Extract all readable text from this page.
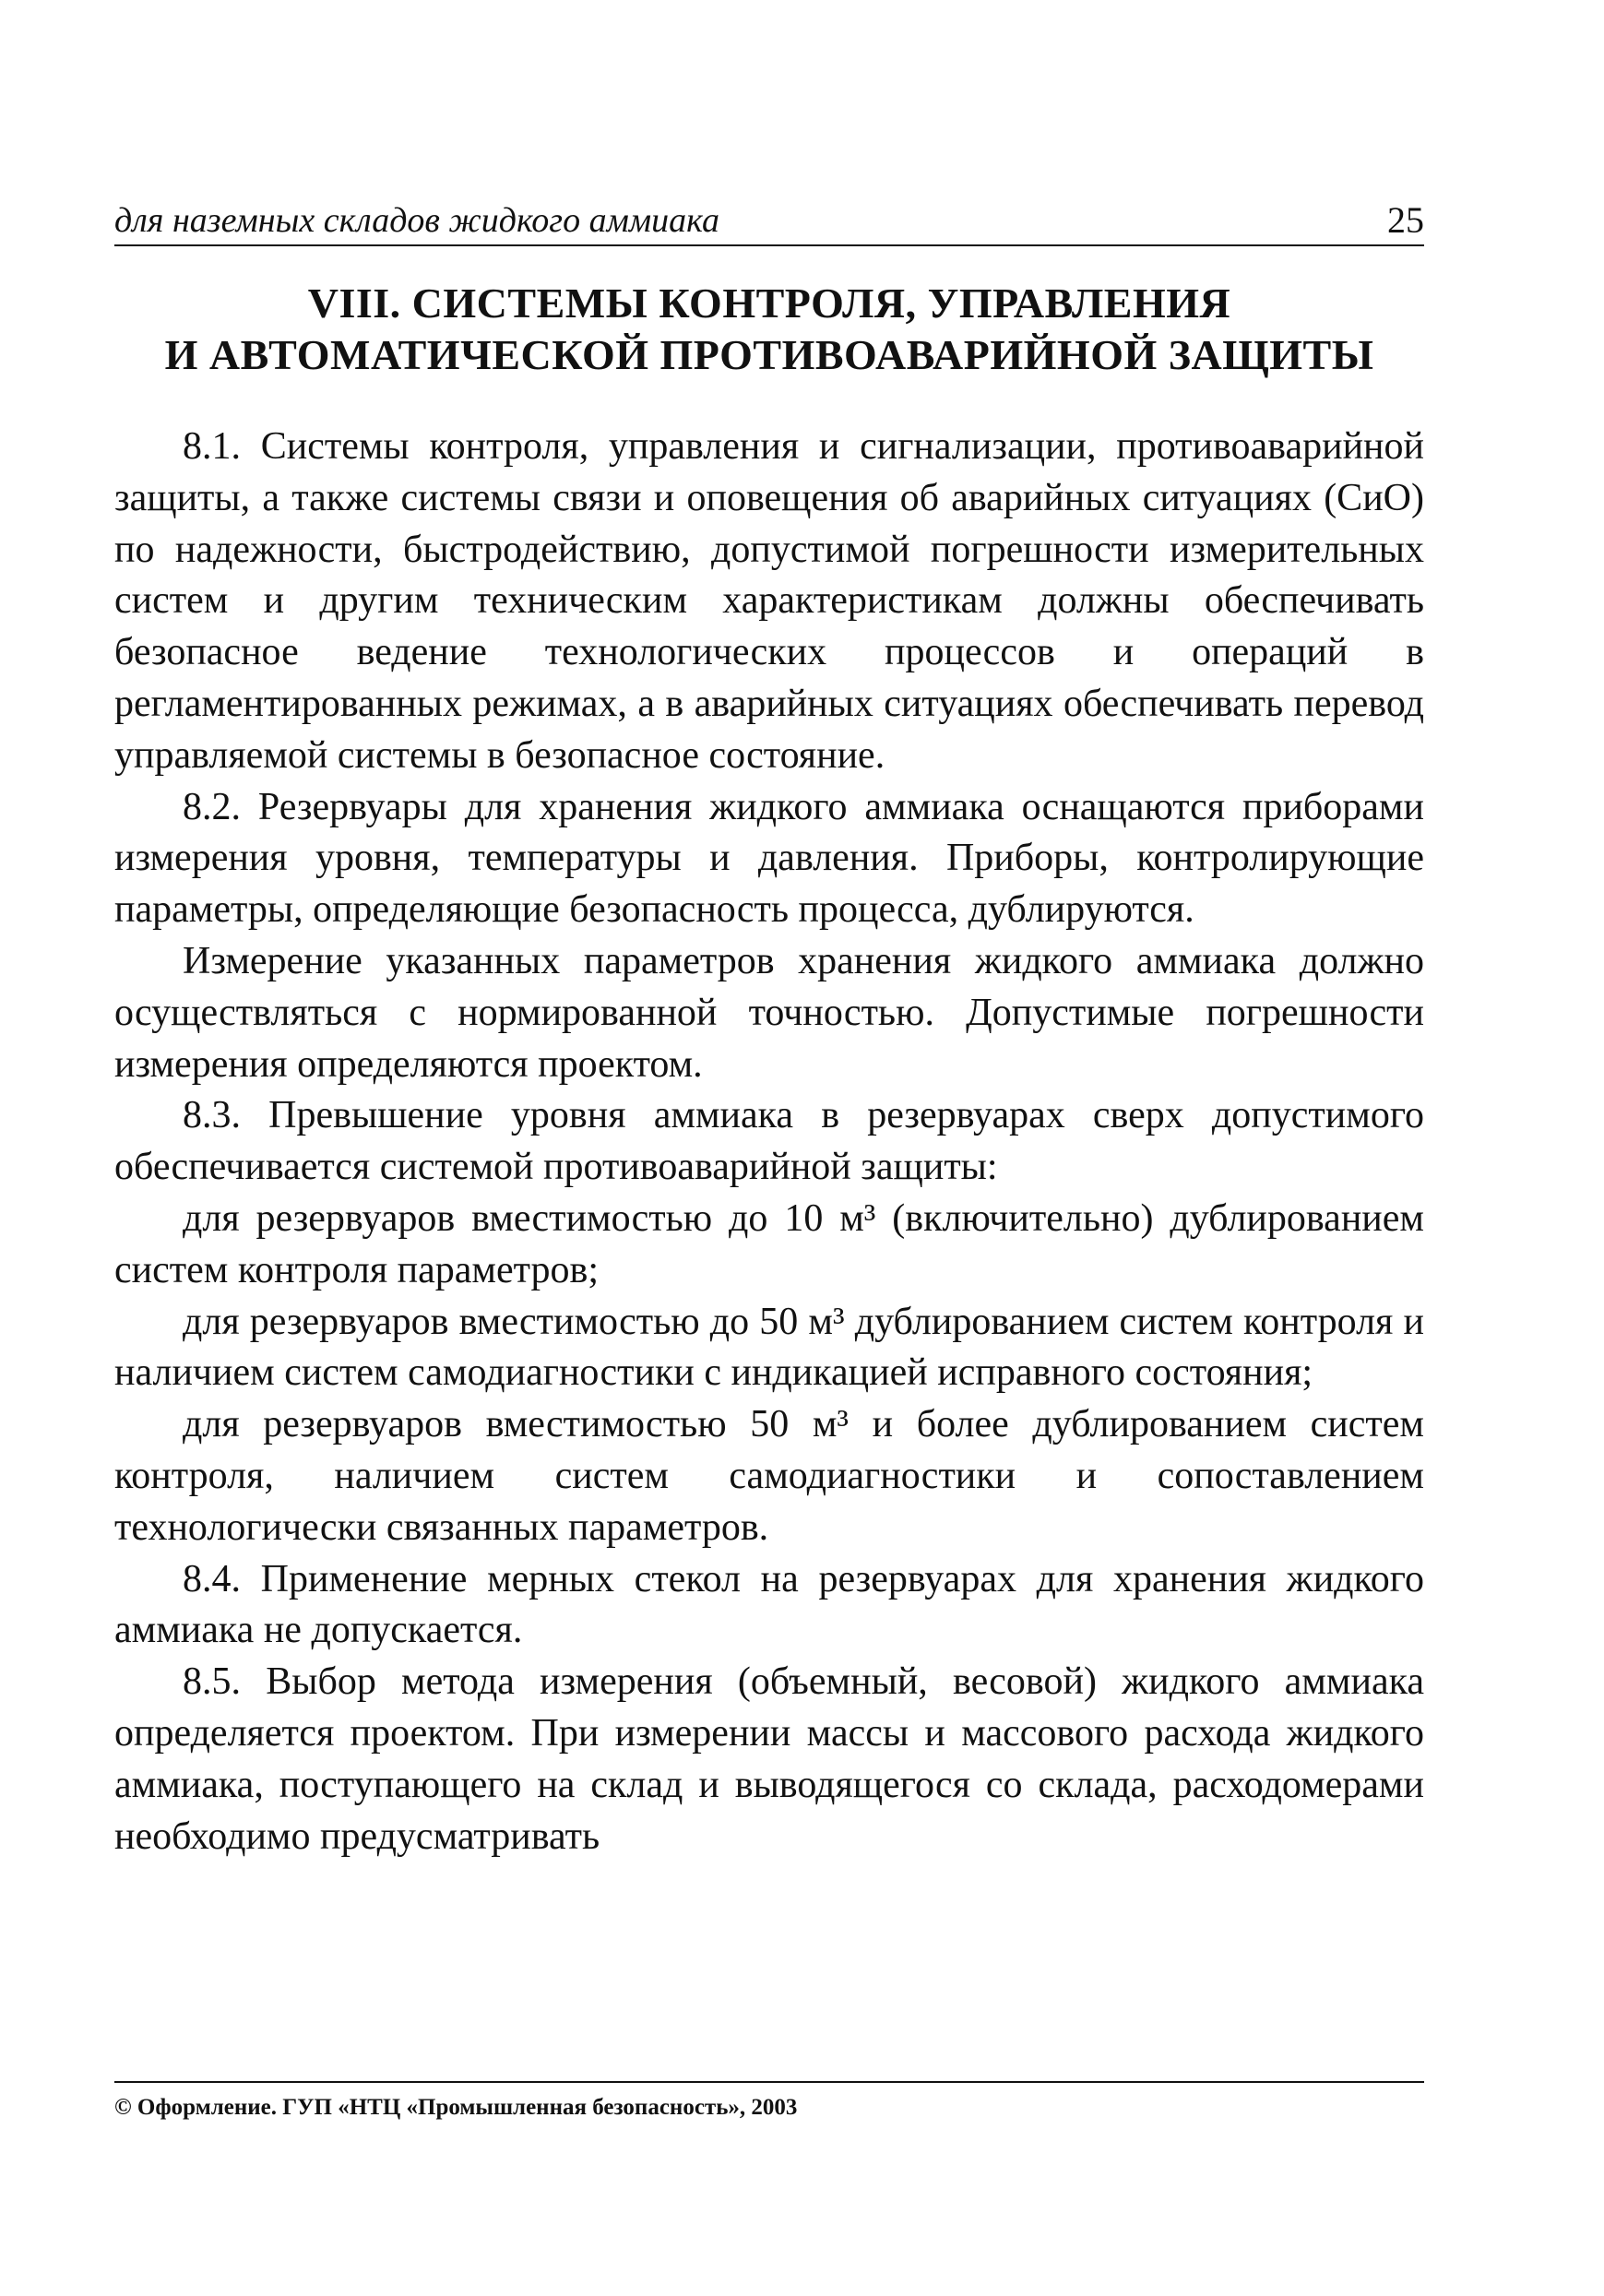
для наземных складов жидкого аммиака	25
VIII. СИСТЕМЫ КОНТРОЛЯ, УПРАВЛЕНИЯ
И АВТОМАТИЧЕСКОЙ ПРОТИВОАВАРИЙНОЙ ЗАЩИТЫ

8.1. Системы контроля, управления и сигнализации, противоаварийной защиты, а также системы связи и оповещения об аварийных ситуациях (СиО) по надежности, быстродействию, допустимой погрешности измерительных систем и другим техническим характеристикам должны обеспечивать безопасное ведение технологических процессов и операций в регламентированных режимах, а в аварийных ситуациях обеспечивать перевод управляемой системы в безопасное состояние.

8.2. Резервуары для хранения жидкого аммиака оснащаются приборами измерения уровня, температуры и давления. Приборы, контролирующие параметры, определяющие безопасность процесса, дублируются.

Измерение указанных параметров хранения жидкого аммиака должно осуществляться с нормированной точностью. Допустимые погрешности измерения определяются проектом.

8.3. Превышение уровня аммиака в резервуарах сверх допустимого обеспечивается системой противоаварийной защиты:

для резервуаров вместимостью до 10 м³ (включительно) дублированием систем контроля параметров;

для резервуаров вместимостью до 50 м³ дублированием систем контроля и наличием систем самодиагностики с индикацией исправного состояния;

для резервуаров вместимостью 50 м³ и более дублированием систем контроля, наличием систем самодиагностики и сопоставлением технологически связанных параметров.

8.4. Применение мерных стекол на резервуарах для хранения жидкого аммиака не допускается.

8.5. Выбор метода измерения (объемный, весовой) жидкого аммиака определяется проектом. При измерении массы и массового расхода жидкого аммиака, поступающего на склад и выводящегося со склада, расходомерами необходимо предусматривать

© Оформление. ГУП «НТЦ «Промышленная безопасность», 2003
